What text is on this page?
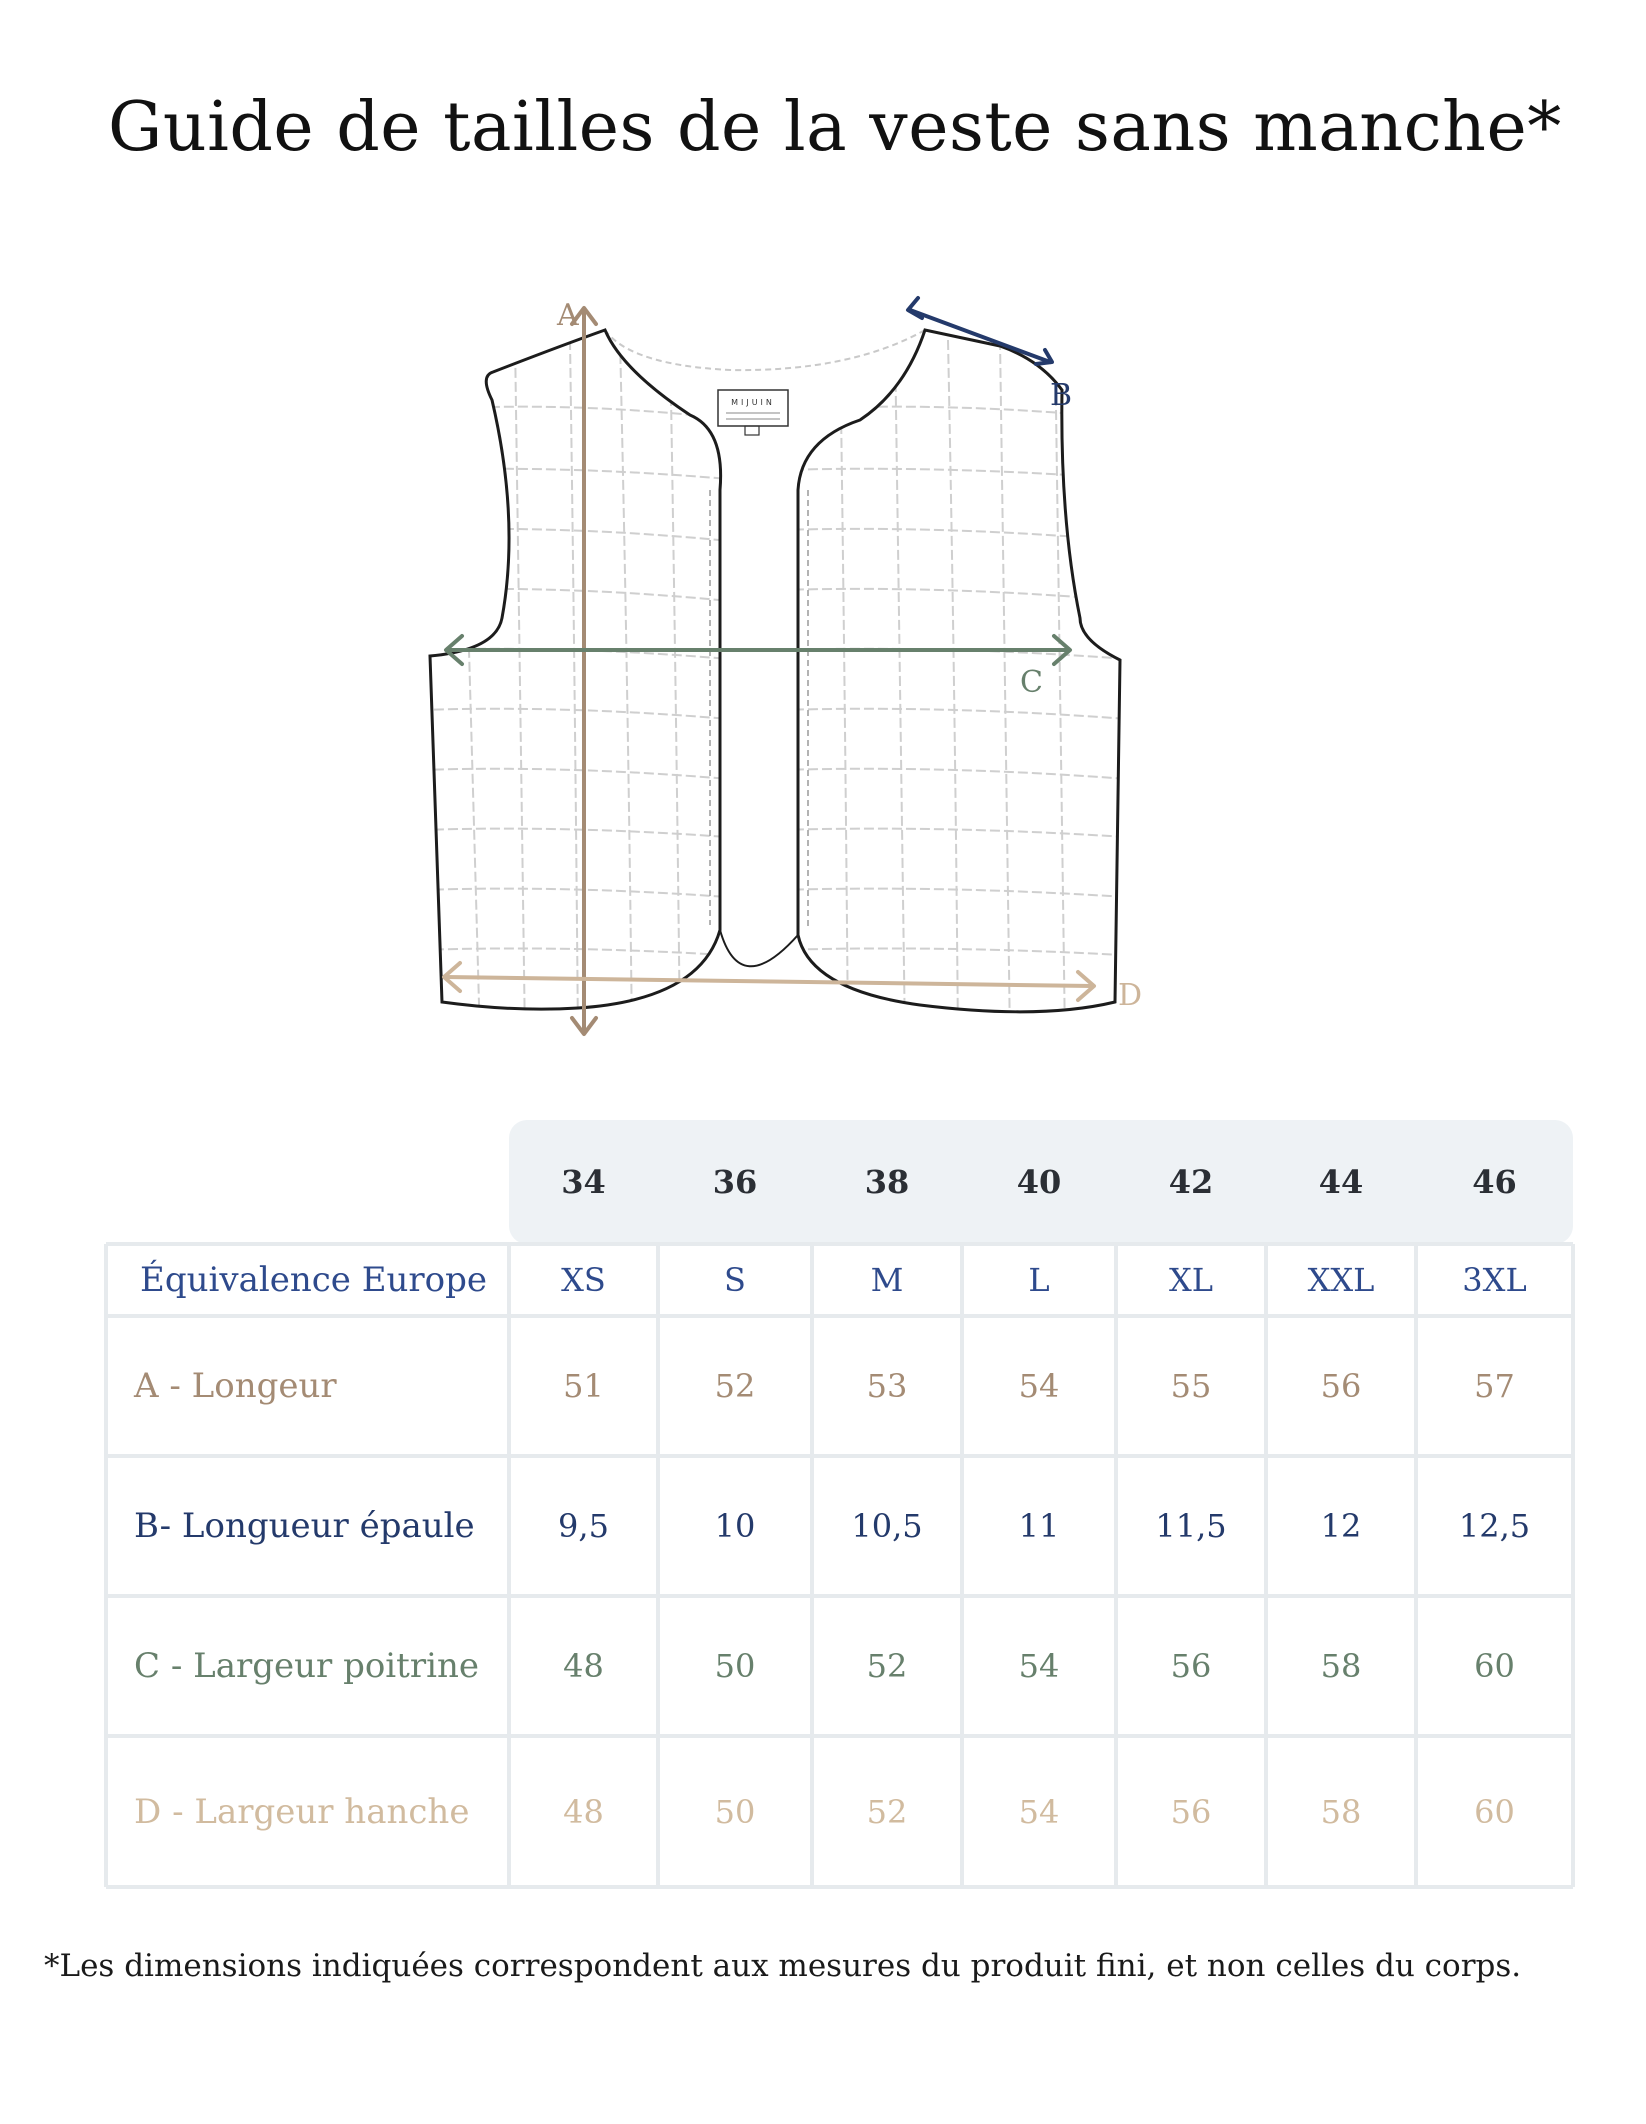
Guide de tailles de la veste sans manche*
MIJUIN
A
B
C
D
34	36	38	40	42	44	46
Équivalence Europe	XS	S	M	L	XL	XXL	3XL
A - Longeur	51	52	53	54	55	56	57
B- Longueur épaule	9,5	10	10,5	11	11,5	12	12,5
C - Largeur poitrine	48	50	52	54	56	58	60
D - Largeur hanche	48	50	52	54	56	58	60
*Les dimensions indiquées correspondent aux mesures du produit fini, et non celles du corps.
